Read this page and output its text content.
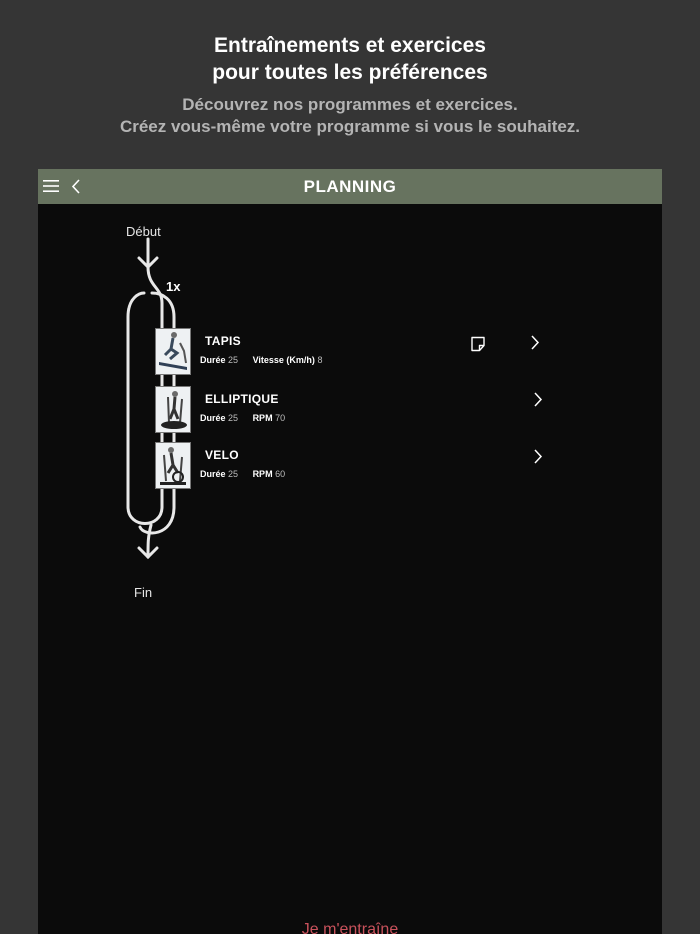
Entraînements et exercices
pour toutes les préférences
Découvrez nos programmes et exercices.
Créez vous-même votre programme si vous le souhaitez.
PLANNING
Début
1x
Fin
TAPIS
Durée 25 Vitesse (Km/h) 8
ELLIPTIQUE
Durée 25 RPM 70
VELO
Durée 25 RPM 60
Je m'entraîne
